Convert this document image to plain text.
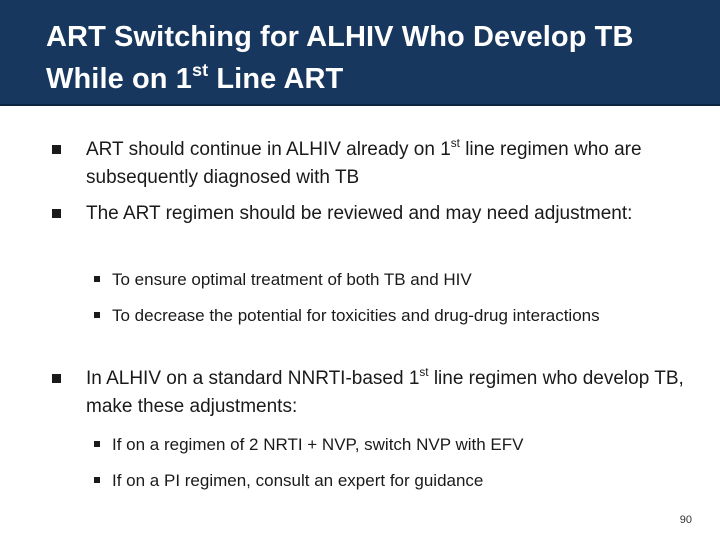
ART Switching for ALHIV Who Develop TB
While on 1st Line ART
ART should continue in ALHIV already on 1st line regimen who are subsequently diagnosed with TB
The ART regimen should be reviewed and may need adjustment:
To ensure optimal treatment of both TB and HIV
To decrease the potential for toxicities and drug-drug interactions
In ALHIV on a standard NNRTI-based 1st line regimen who develop TB, make these adjustments:
If on a regimen of 2 NRTI + NVP, switch NVP with EFV
If on a PI regimen, consult an expert for guidance
90
